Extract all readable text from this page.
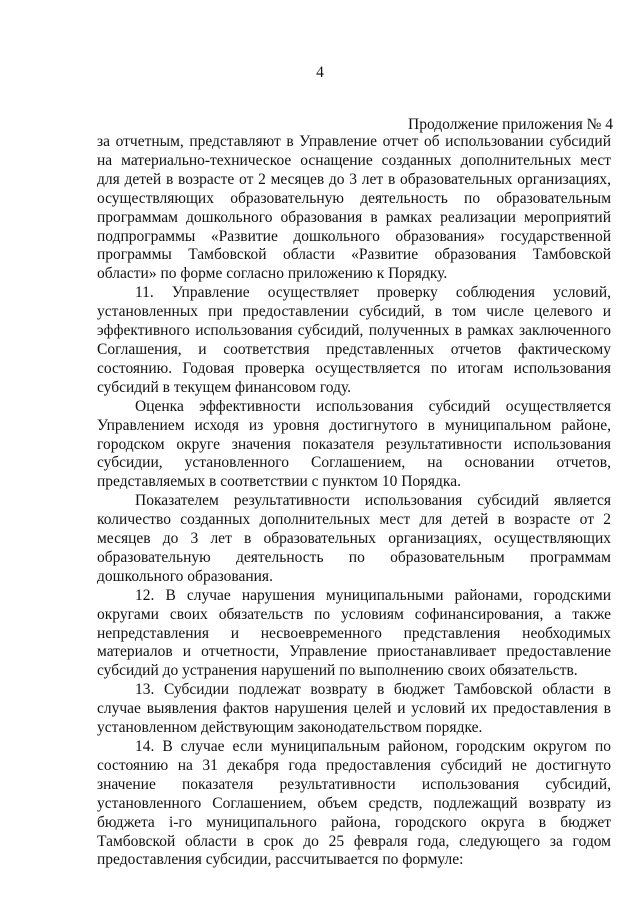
4
Продолжение приложения № 4

за отчетным, представляют в Управление отчет об использовании субсидий на материально-техническое оснащение созданных дополнительных мест для детей в возрасте от 2 месяцев до 3 лет в образовательных организациях, осуществляющих образовательную деятельность по образовательным программам дошкольного образования в рамках реализации мероприятий подпрограммы «Развитие дошкольного образования» государственной программы Тамбовской области «Развитие образования Тамбовской области» по форме согласно приложению к Порядку.

11. Управление осуществляет проверку соблюдения условий, установленных при предоставлении субсидий, в том числе целевого и эффективного использования субсидий, полученных в рамках заключенного Соглашения, и соответствия представленных отчетов фактическому состоянию. Годовая проверка осуществляется по итогам использования субсидий в текущем финансовом году.

Оценка эффективности использования субсидий осуществляется Управлением исходя из уровня достигнутого в муниципальном районе, городском округе значения показателя результативности использования субсидии, установленного Соглашением, на основании отчетов, представляемых в соответствии с пунктом 10 Порядка.

Показателем результативности использования субсидий является количество созданных дополнительных мест для детей в возрасте от 2 месяцев до 3 лет в образовательных организациях, осуществляющих образовательную деятельность по образовательным программам дошкольного образования.

12. В случае нарушения муниципальными районами, городскими округами своих обязательств по условиям софинансирования, а также непредставления и несвоевременного представления необходимых материалов и отчетности, Управление приостанавливает предоставление субсидий до устранения нарушений по выполнению своих обязательств.

13. Субсидии подлежат возврату в бюджет Тамбовской области в случае выявления фактов нарушения целей и условий их предоставления в установленном действующим законодательством порядке.

14. В случае если муниципальным районом, городским округом по состоянию на 31 декабря года предоставления субсидий не достигнуто значение показателя результативности использования субсидий, установленного Соглашением, объем средств, подлежащий возврату из бюджета i-го муниципального района, городского округа в бюджет Тамбовской области в срок до 25 февраля года, следующего за годом предоставления субсидии, рассчитывается по формуле:
